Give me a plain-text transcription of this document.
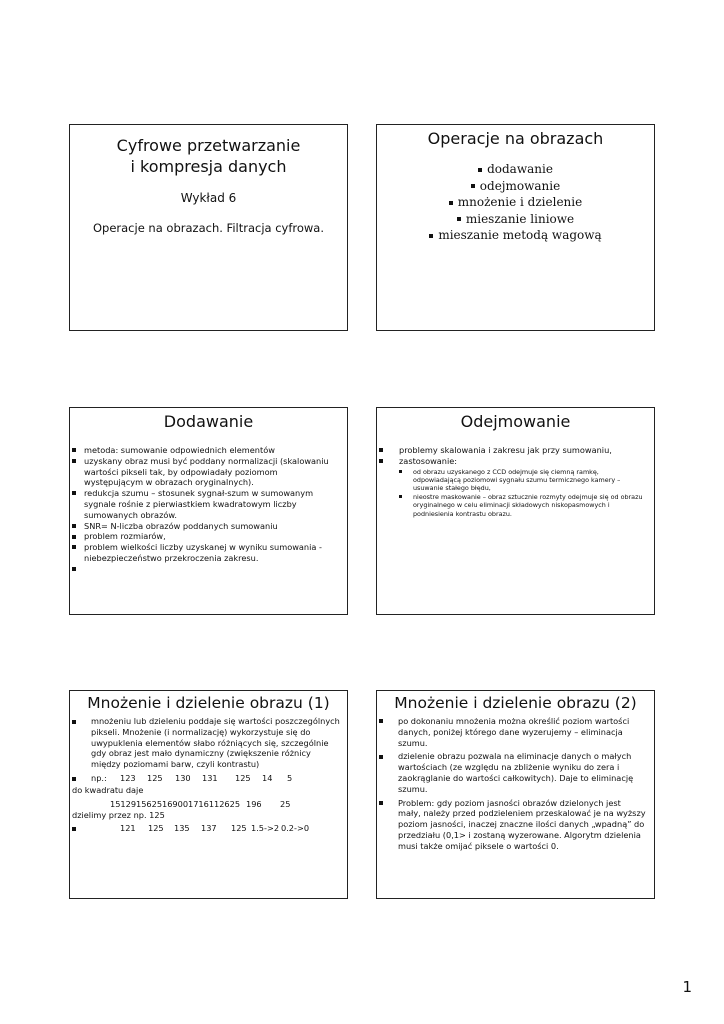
Cyfrowe przetwarzanie
i kompresja danych
Wykład 6
Operacje na obrazach. Filtracja cyfrowa.
Operacje na obrazach
dodawanie
odejmowanie
mnożenie i dzielenie
mieszanie liniowe
mieszanie metodą wagową
Dodawanie
metoda: sumowanie odpowiednich elementów
uzyskany obraz musi być poddany normalizacji (skalowaniu wartości pikseli tak, by odpowiadały poziomom występującym w obrazach oryginalnych).
redukcja szumu – stosunek sygnał-szum w sumowanym sygnale rośnie z pierwiastkiem kwadratowym liczby sumowanych obrazów.
SNR= N-liczba obrazów poddanych sumowaniu
problem rozmiarów,
problem wielkości liczby uzyskanej w wyniku sumowania - niebezpieczeństwo przekroczenia zakresu.
Odejmowanie
problemy skalowania i zakresu jak przy sumowaniu,
zastosowanie:
od obrazu uzyskanego z CCD odejmuje się ciemną ramkę, odpowiadającą poziomowi sygnału szumu termicznego kamery – usuwanie stałego błędu,
nieostre maskowanie – obraz sztucznie rozmyty odejmuje się od obrazu oryginalnego w celu eliminacji składowych niskopasmowych i podniesienia kontrastu obrazu.
Mnożenie i dzielenie obrazu (1)
mnożeniu lub dzieleniu poddaje się wartości poszczególnych pikseli. Mnożenie (i normalizację) wykorzystuje się do uwypuklenia elementów słabo różniących się, szczególnie gdy obraz jest mało dynamiczny (zwiększenie różnicy między poziomami barw, czyli kontrastu)
np.: 123 125 130 131 125 14 5
do kwadratu daje
1512915625169001716112625 196 25
dzielimy przez np. 125
121 125 135 137 125 1.5->2 0.2->0
Mnożenie i dzielenie obrazu (2)
po dokonaniu mnożenia można określić poziom wartości danych, poniżej którego dane wyzerujemy – eliminacja szumu.
dzielenie obrazu pozwala na eliminacje danych o małych wartościach (ze względu na zbliżenie wyniku do zera i zaokrąglanie do wartości całkowitych). Daje to eliminację szumu.
Problem: gdy poziom jasności obrazów dzielonych jest mały, należy przed podzieleniem przeskalować je na wyższy poziom jasności, inaczej znaczne ilości danych „wpadną” do przedziału (0,1> i zostaną wyzerowane. Algorytm dzielenia musi także omijać piksele o wartości 0.
1
